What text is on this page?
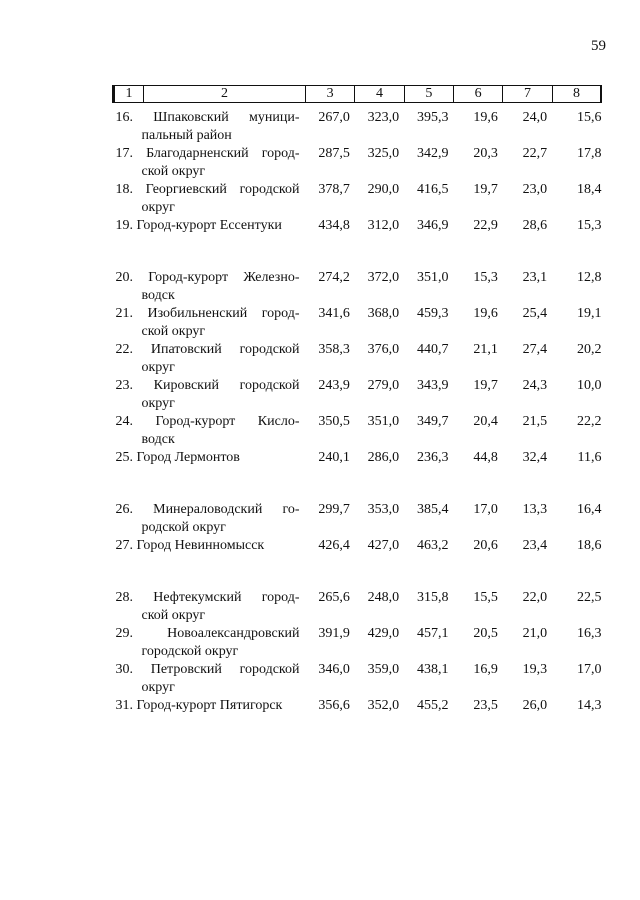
59
1 2	3	4	5	6	7	8

16. Шпаковский муници-
пальный район	267,0	323,0	395,3	19,6	24,0	15,6

17. Благодарненский город-
ской округ	287,5	325,0	342,9	20,3	22,7	17,8

18. Георгиевский городской
округ	378,7	290,0	416,5	19,7	23,0	18,4

19. Город-курорт Ессентуки	434,8	312,0	346,9	22,9	28,6	15,3

20. Город-курорт Железно-
водск	274,2	372,0	351,0	15,3	23,1	12,8

21. Изобильненский город-
ской округ	341,6	368,0	459,3	19,6	25,4	19,1

22. Ипатовский городской
округ	358,3	376,0	440,7	21,1	27,4	20,2

23. Кировский городской
округ	243,9	279,0	343,9	19,7	24,3	10,0

24. Город-курорт Кисло-
водск	350,5	351,0	349,7	20,4	21,5	22,2

25. Город Лермонтов	240,1	286,0	236,3	44,8	32,4	11,6

26. Минераловодский го-
родской округ	299,7	353,0	385,4	17,0	13,3	16,4

27. Город Невинномысск	426,4	427,0	463,2	20,6	23,4	18,6

28. Нефтекумский город-
ской округ	265,6	248,0	315,8	15,5	22,0	22,5

29. Новоалександровский
городской округ	391,9	429,0	457,1	20,5	21,0	16,3

30. Петровский городской
округ	346,0	359,0	438,1	16,9	19,3	17,0

31. Город-курорт Пятигорск	356,6	352,0	455,2	23,5	26,0	14,3
